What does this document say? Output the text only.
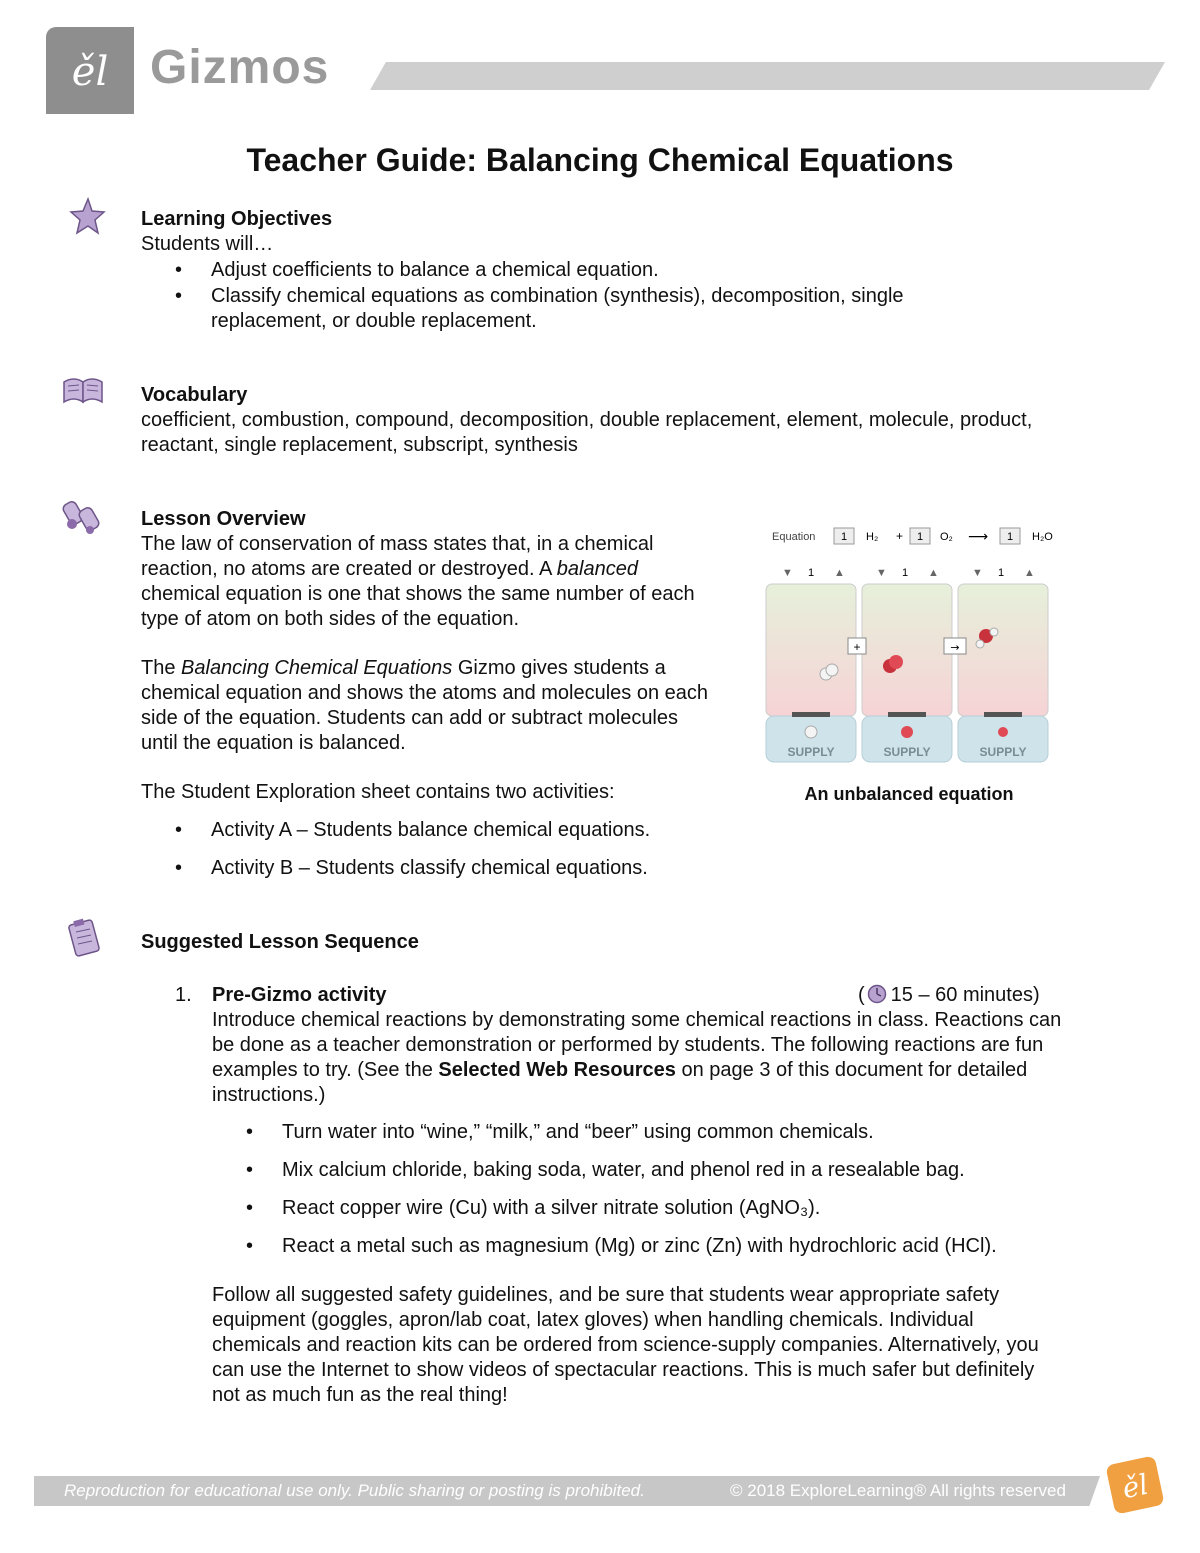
ěl Gizmos
Teacher Guide: Balancing Chemical Equations
Learning Objectives
Students will…
• Adjust coefficients to balance a chemical equation.
• Classify chemical equations as combination (synthesis), decomposition, single replacement, or double replacement.
Vocabulary
coefficient, combustion, compound, decomposition, double replacement, element, molecule, product, reactant, single replacement, subscript, synthesis
Lesson Overview
The law of conservation of mass states that, in a chemical reaction, no atoms are created or destroyed. A balanced chemical equation is one that shows the same number of each type of atom on both sides of the equation.
The Balancing Chemical Equations Gizmo gives students a chemical equation and shows the atoms and molecules on each side of the equation. Students can add or subtract molecules until the equation is balanced.
The Student Exploration sheet contains two activities:
• Activity A – Students balance chemical equations.
• Activity B – Students classify chemical equations.
Equation 1 H₂ + 1 O₂ ⟶ 1 H₂O
▼ 1 ▲	▼ 1 ▲	▼ 1 ▲
+	→
SUPPLY	SUPPLY	SUPPLY
An unbalanced equation
Suggested Lesson Sequence
1. Pre-Gizmo activity	( 15 – 60 minutes)
Introduce chemical reactions by demonstrating some chemical reactions in class. Reactions can be done as a teacher demonstration or performed by students. The following reactions are fun examples to try. (See the Selected Web Resources on page 3 of this document for detailed instructions.)
• Turn water into “wine,” “milk,” and “beer” using common chemicals.
• Mix calcium chloride, baking soda, water, and phenol red in a resealable bag.
• React copper wire (Cu) with a silver nitrate solution (AgNO₃).
• React a metal such as magnesium (Mg) or zinc (Zn) with hydrochloric acid (HCl).
Follow all suggested safety guidelines, and be sure that students wear appropriate safety equipment (goggles, apron/lab coat, latex gloves) when handling chemicals. Individual chemicals and reaction kits can be ordered from science-supply companies. Alternatively, you can use the Internet to show videos of spectacular reactions. This is much safer but definitely not as much fun as the real thing!
Reproduction for educational use only. Public sharing or posting is prohibited.	© 2018 ExploreLearning® All rights reserved ěl
